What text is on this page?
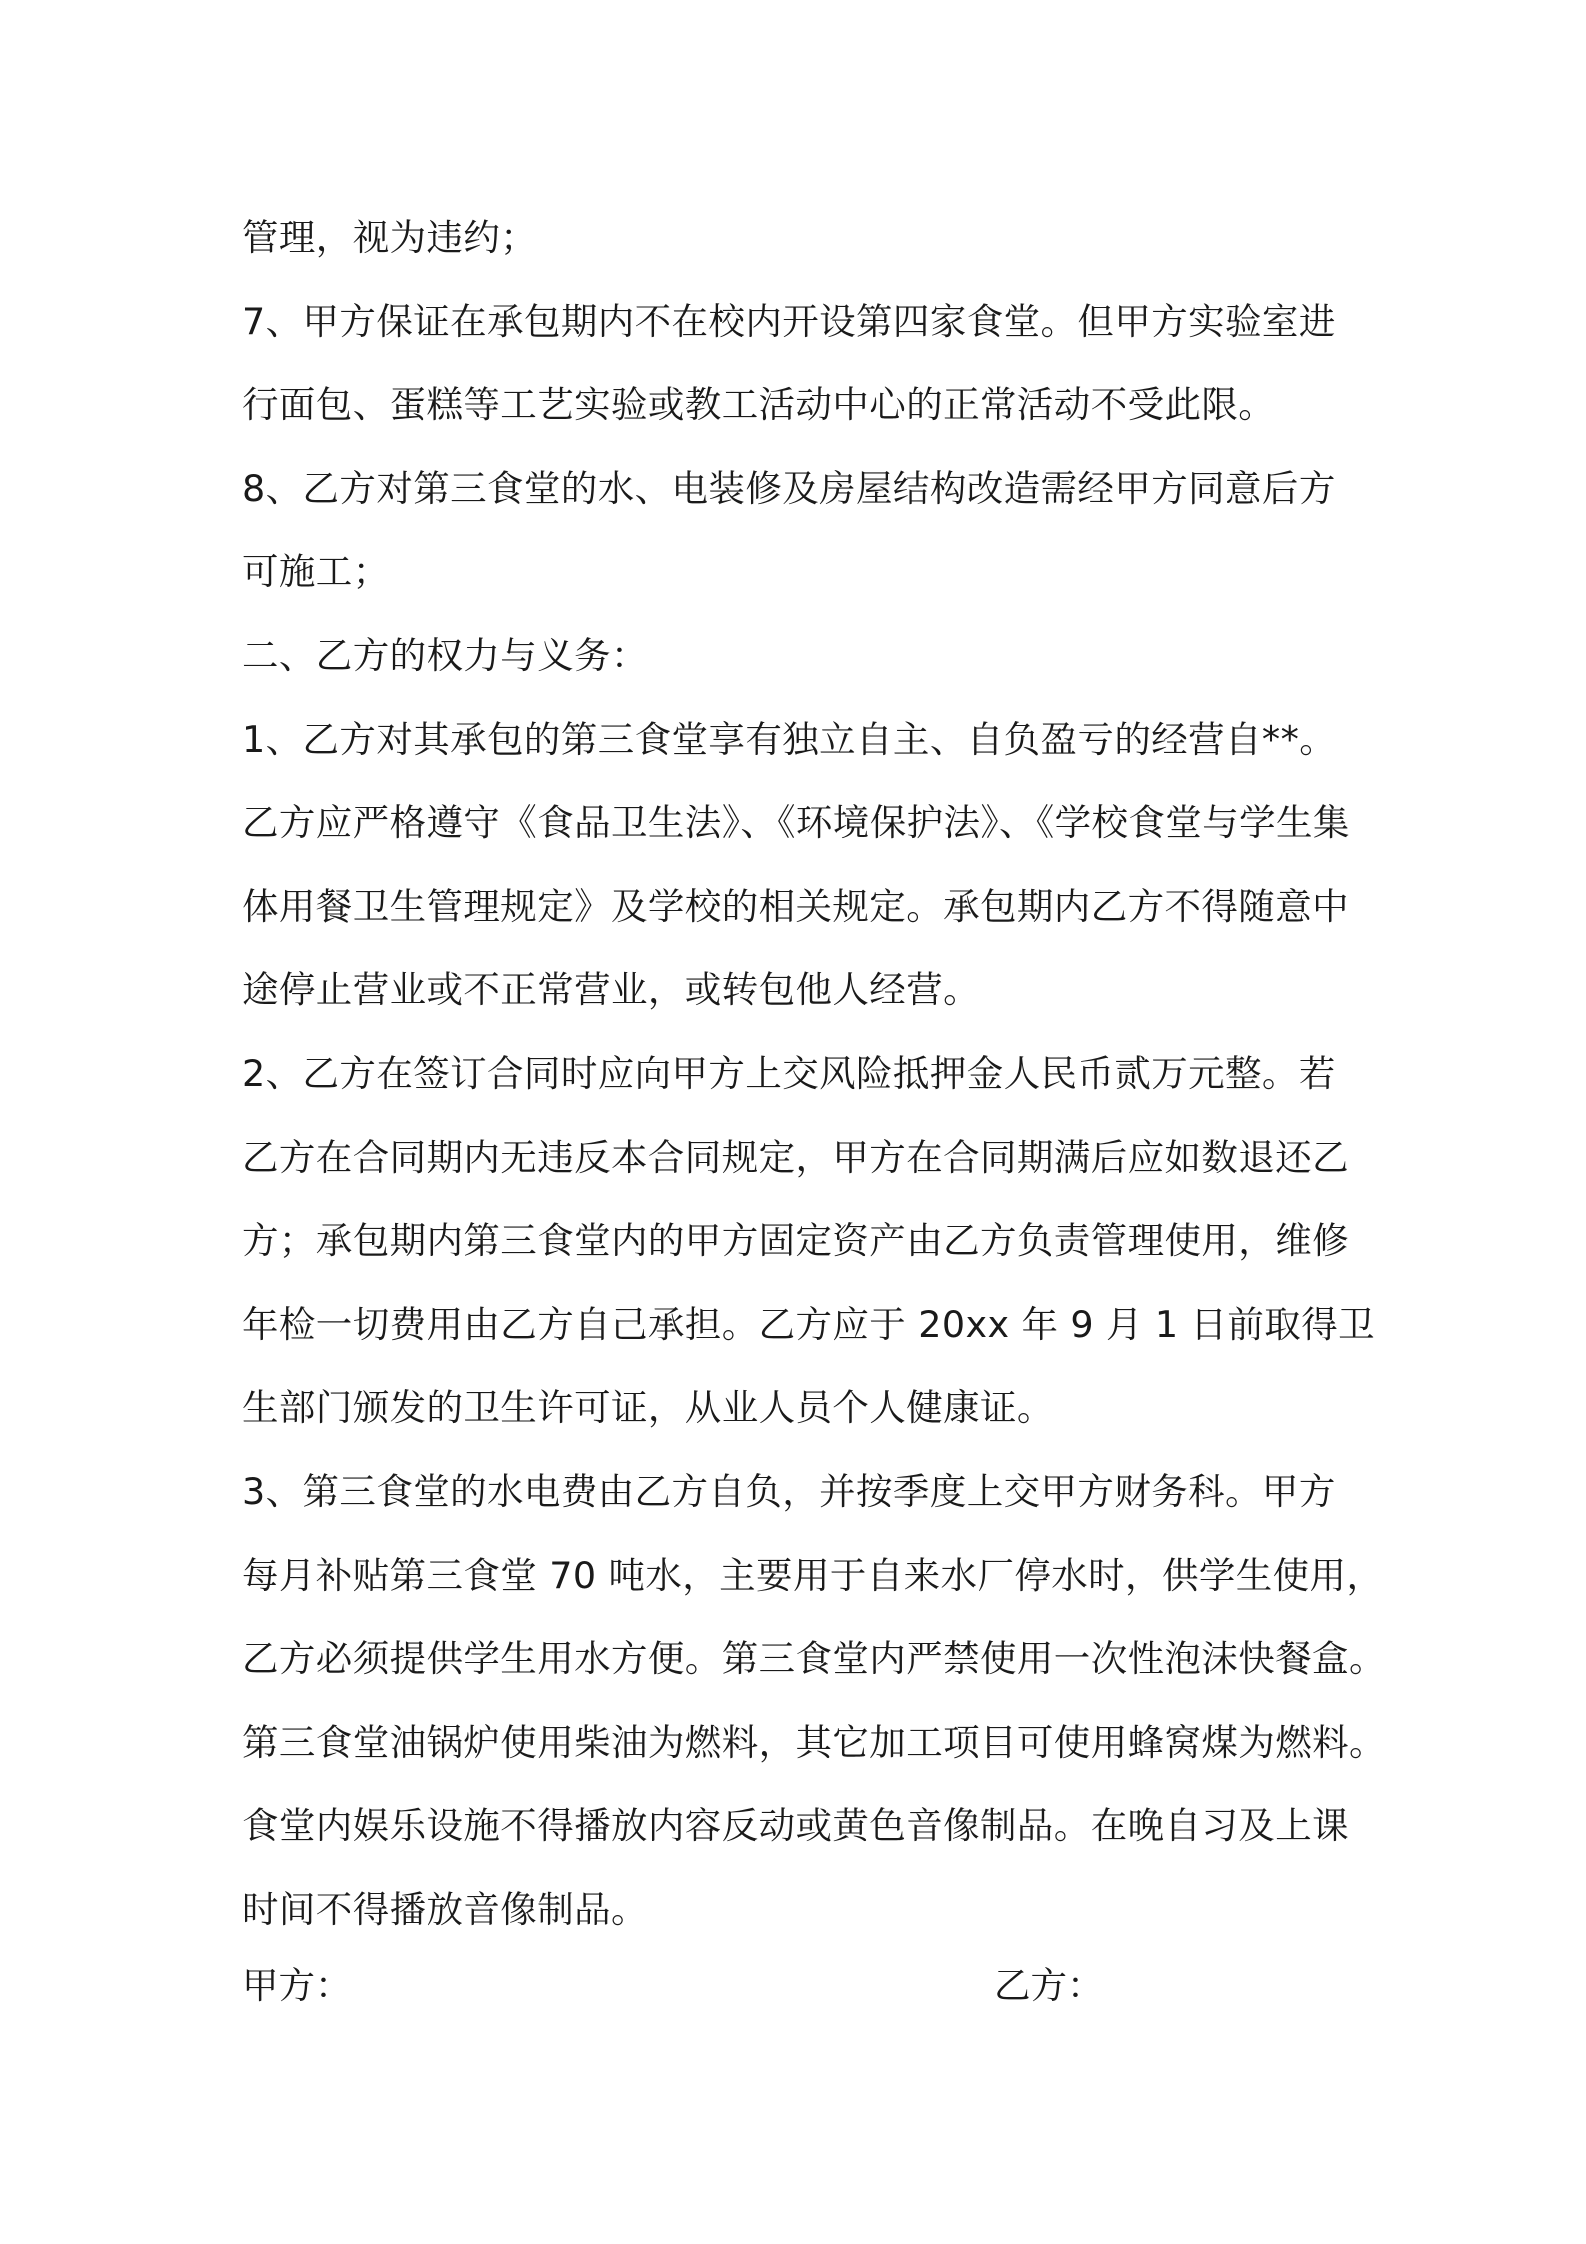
管理，视为违约；
7、甲方保证在承包期内不在校内开设第四家食堂。但甲方实验室进
行面包、蛋糕等工艺实验或教工活动中心的正常活动不受此限。
8、乙方对第三食堂的水、电装修及房屋结构改造需经甲方同意后方
可施工；
二、乙方的权力与义务：
1、乙方对其承包的第三食堂享有独立自主、自负盈亏的经营自**。
乙方应严格遵守《食品卫生法》、《环境保护法》、《学校食堂与学生集
体用餐卫生管理规定》及学校的相关规定。承包期内乙方不得随意中
途停止营业或不正常营业，或转包他人经营。
2、乙方在签订合同时应向甲方上交风险抵押金人民币贰万元整。若
乙方在合同期内无违反本合同规定，甲方在合同期满后应如数退还乙
方；承包期内第三食堂内的甲方固定资产由乙方负责管理使用，维修
年检一切费用由乙方自己承担。乙方应于 20xx 年 9 月 1 日前取得卫
生部门颁发的卫生许可证，从业人员个人健康证。
3、第三食堂的水电费由乙方自负，并按季度上交甲方财务科。甲方
每月补贴第三食堂 70 吨水，主要用于自来水厂停水时，供学生使用，
乙方必须提供学生用水方便。第三食堂内严禁使用一次性泡沫快餐盒。
第三食堂油锅炉使用柴油为燃料，其它加工项目可使用蜂窝煤为燃料。
食堂内娱乐设施不得播放内容反动或黄色音像制品。在晚自习及上课
时间不得播放音像制品。
甲方：	乙方：
